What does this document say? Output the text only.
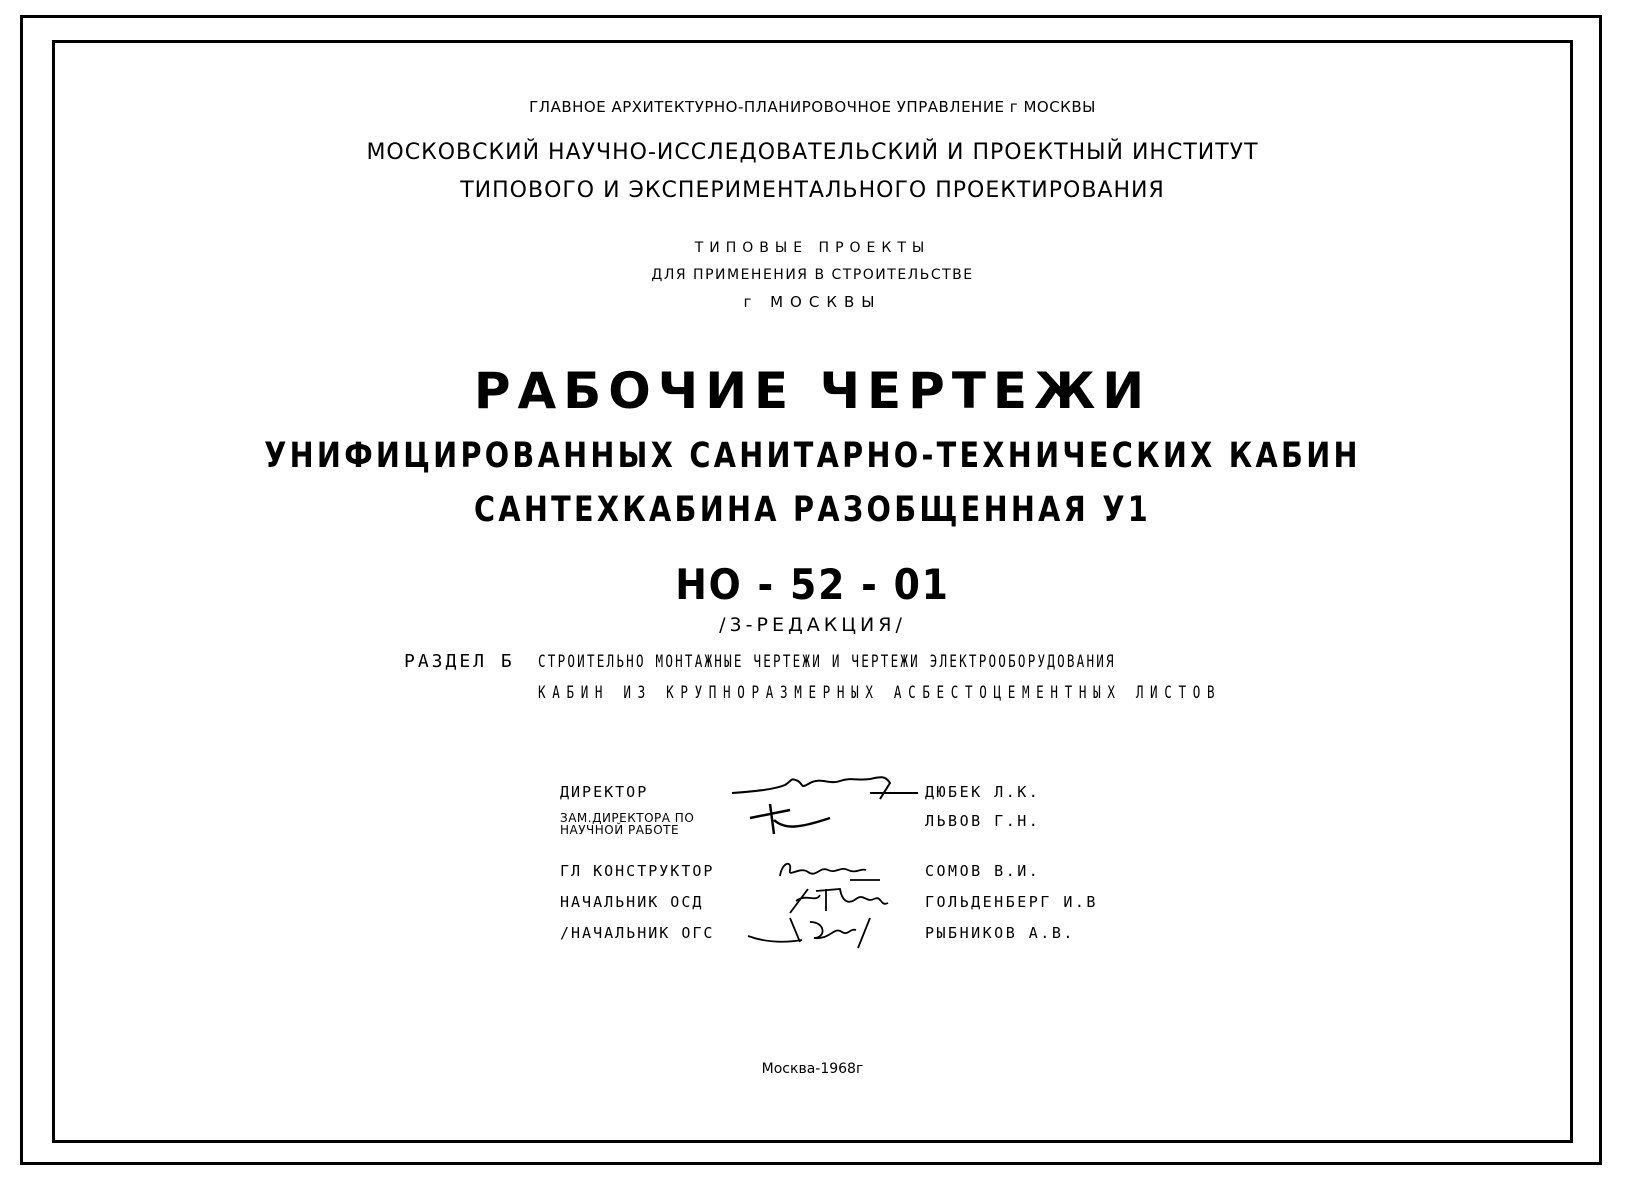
ГЛАВНОЕ АРХИТЕКТУРНО-ПЛАНИРОВОЧНОЕ УПРАВЛЕНИЕ г МОСКВЫ
МОСКОВСКИЙ НАУЧНО-ИССЛЕДОВАТЕЛЬСКИЙ И ПРОЕКТНЫЙ ИНСТИТУТ
ТИПОВОГО И ЭКСПЕРИМЕНТАЛЬНОГО ПРОЕКТИРОВАНИЯ
ТИПОВЫЕ ПРОЕКТЫ
ДЛЯ ПРИМЕНЕНИЯ В СТРОИТЕЛЬСТВЕ
г МОСКВЫ
РАБОЧИЕ ЧЕРТЕЖИ
УНИФИЦИРОВАННЫХ САНИТАРНО-ТЕХНИЧЕСКИХ КАБИН
САНТЕХКАБИНА РАЗОБЩЕННАЯ У1
НО - 52 - 01
/3-РЕДАКЦИЯ/
РАЗДЕЛ Б СТРОИТЕЛЬНО МОНТАЖНЫЕ ЧЕРТЕЖИ И ЧЕРТЕЖИ ЭЛЕКТРООБОРУДОВАНИЯ
КАБИН ИЗ КРУПНОРАЗМЕРНЫХ АСБЕСТОЦЕМЕНТНЫХ ЛИСТОВ
ДИРЕКТОР	ДЮБЕК Л.К.
ЗАМ.ДИРЕКТОРА ПО НАУЧНОЙ РАБОТЕ	ЛЬВОВ Г.Н.
ГЛ КОНСТРУКТОР	СОМОВ В.И.
НАЧАЛЬНИК ОСД	ГОЛЬДЕНБЕРГ И.В
/НАЧАЛЬНИК ОГС	РЫБНИКОВ А.В.
Москва-1968г
